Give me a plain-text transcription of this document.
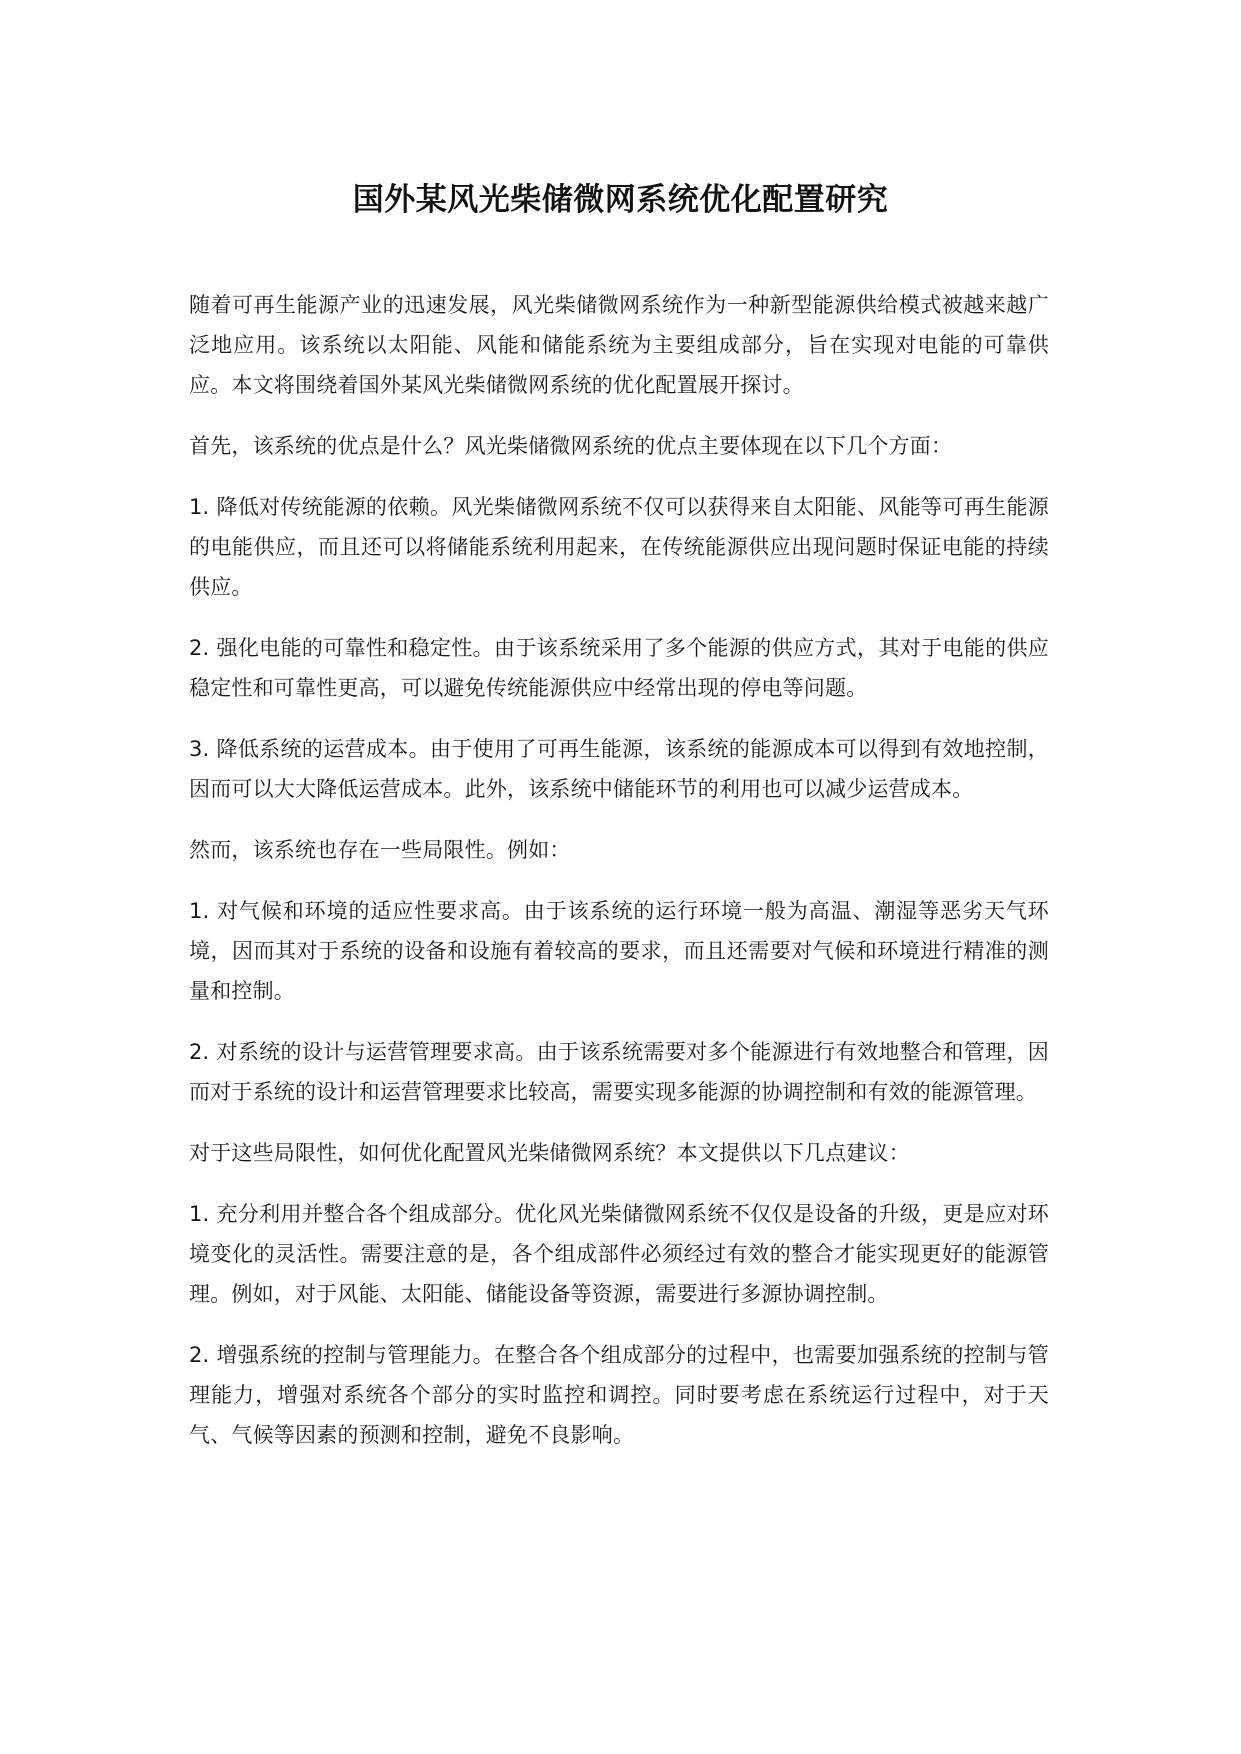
国外某风光柴储微网系统优化配置研究

随着可再生能源产业的迅速发展，风光柴储微网系统作为一种新型能源供给模式被越来越广泛地应用。该系统以太阳能、风能和储能系统为主要组成部分，旨在实现对电能的可靠供应。本文将围绕着国外某风光柴储微网系统的优化配置展开探讨。

首先，该系统的优点是什么？风光柴储微网系统的优点主要体现在以下几个方面：

1. 降低对传统能源的依赖。风光柴储微网系统不仅可以获得来自太阳能、风能等可再生能源的电能供应，而且还可以将储能系统利用起来，在传统能源供应出现问题时保证电能的持续供应。

2. 强化电能的可靠性和稳定性。由于该系统采用了多个能源的供应方式，其对于电能的供应稳定性和可靠性更高，可以避免传统能源供应中经常出现的停电等问题。

3. 降低系统的运营成本。由于使用了可再生能源，该系统的能源成本可以得到有效地控制，因而可以大大降低运营成本。此外，该系统中储能环节的利用也可以减少运营成本。

然而，该系统也存在一些局限性。例如：

1. 对气候和环境的适应性要求高。由于该系统的运行环境一般为高温、潮湿等恶劣天气环境，因而其对于系统的设备和设施有着较高的要求，而且还需要对气候和环境进行精准的测量和控制。

2. 对系统的设计与运营管理要求高。由于该系统需要对多个能源进行有效地整合和管理，因而对于系统的设计和运营管理要求比较高，需要实现多能源的协调控制和有效的能源管理。

对于这些局限性，如何优化配置风光柴储微网系统？本文提供以下几点建议：

1. 充分利用并整合各个组成部分。优化风光柴储微网系统不仅仅是设备的升级，更是应对环境变化的灵活性。需要注意的是，各个组成部件必须经过有效的整合才能实现更好的能源管理。例如，对于风能、太阳能、储能设备等资源，需要进行多源协调控制。

2. 增强系统的控制与管理能力。在整合各个组成部分的过程中，也需要加强系统的控制与管理能力，增强对系统各个部分的实时监控和调控。同时要考虑在系统运行过程中，对于天气、气候等因素的预测和控制，避免不良影响。
